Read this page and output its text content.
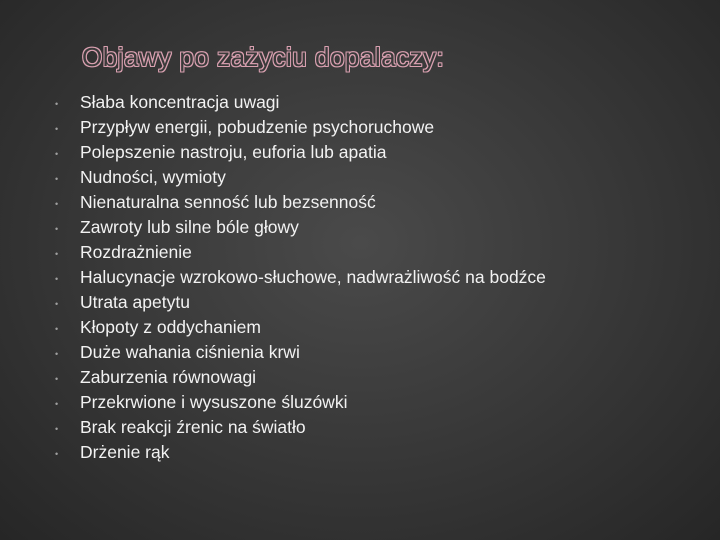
Objawy po zażyciu dopalaczy:
• Słaba koncentracja uwagi
• Przypływ energii, pobudzenie psychoruchowe
• Polepszenie nastroju, euforia lub apatia
• Nudności, wymioty
• Nienaturalna senność lub bezsenność
• Zawroty lub silne bóle głowy
• Rozdrażnienie
• Halucynacje wzrokowo-słuchowe, nadwrażliwość na bodźce
• Utrata apetytu
• Kłopoty z oddychaniem
• Duże wahania ciśnienia krwi
• Zaburzenia równowagi
• Przekrwione i wysuszone śluzówki
• Brak reakcji źrenic na światło
• Drżenie rąk
